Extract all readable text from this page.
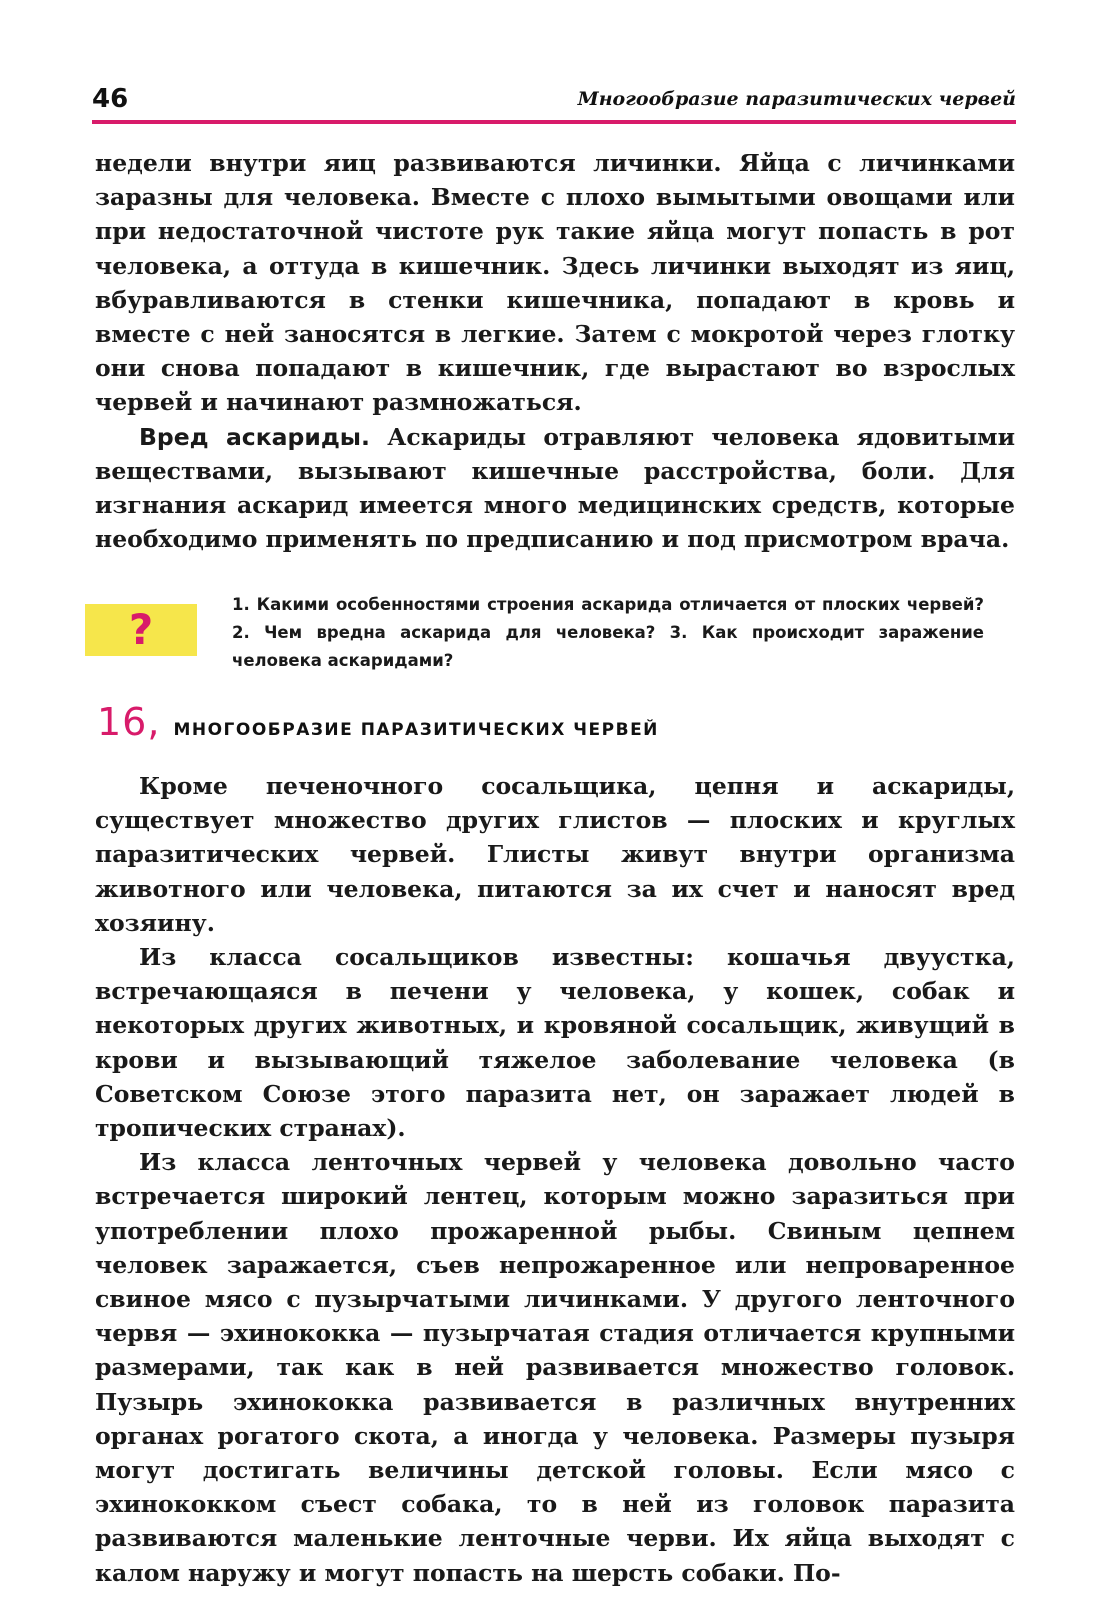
46	Многообразие паразитических червей

недели внутри яиц развиваются личинки. Яйца с личинками заразны для человека. Вместе с плохо вымытыми овощами или при недостаточной чистоте рук такие яйца могут попасть в рот человека, а оттуда в кишечник. Здесь личинки выходят из яиц, вбуравливаются в стенки кишечника, попадают в кровь и вместе с ней заносятся в легкие. Затем с мокротой через глотку они снова попадают в кишечник, где вырастают во взрослых червей и начинают размножаться.

Вред аскариды. Аскариды отравляют человека ядовитыми веществами, вызывают кишечные расстройства, боли. Для изгнания аскарид имеется много медицинских средств, которые необходимо применять по предписанию и под присмотром врача.

?
1. Какими особенностями строения аскарида отличается от плоских червей? 2. Чем вредна аскарида для человека? 3. Как происходит заражение человека аскаридами?
16 , МНОГООБРАЗИЕ ПАРАЗИТИЧЕСКИХ ЧЕРВЕЙ

Кроме печеночного сосальщика, цепня и аскариды, существует множество других глистов — плоских и круглых паразитических червей. Глисты живут внутри организма животного или человека, питаются за их счет и наносят вред хозяину.

Из класса сосальщиков известны: кошачья двуустка, встречающаяся в печени у человека, у кошек, собак и некоторых других животных, и кровяной сосальщик, живущий в крови и вызывающий тяжелое заболевание человека (в Советском Союзе этого паразита нет, он заражает людей в тропических странах).

Из класса ленточных червей у человека довольно часто встречается широкий лентец, которым можно заразиться при употреблении плохо прожаренной рыбы. Свиным цепнем человек заражается, съев непрожаренное или непроваренное свиное мясо с пузырчатыми личинками. У другого ленточного червя — эхинококка — пузырчатая стадия отличается крупными размерами, так как в ней развивается множество головок. Пузырь эхинококка развивается в различных внутренних органах рогатого скота, а иногда у человека. Размеры пузыря могут достигать величины детской головы. Если мясо с эхинококком съест собака, то в ней из головок паразита развиваются маленькие ленточные черви. Их яйца выходят с калом наружу и могут попасть на шерсть собаки. По-
